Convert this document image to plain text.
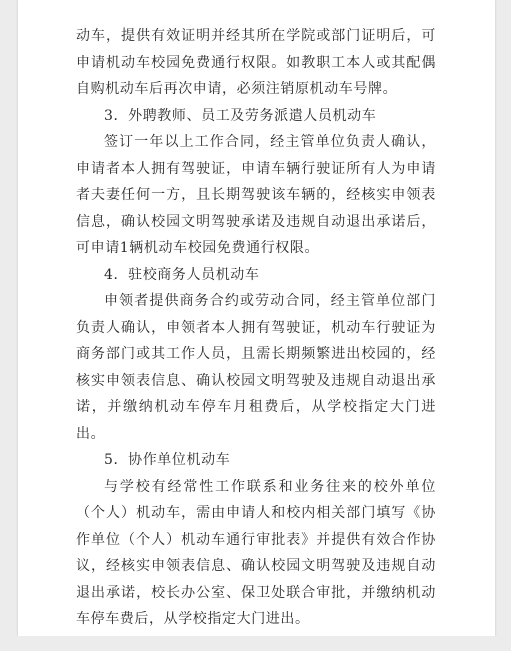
动车，提供有效证明并经其所在学院或部门证明后，可申请机动车校园免费通行权限。如教职工本人或其配偶自购机动车后再次申请，必须注销原机动车号牌。

3．外聘教师、员工及劳务派遣人员机动车

签订一年以上工作合同，经主管单位负责人确认，申请者本人拥有驾驶证，申请车辆行驶证所有人为申请者夫妻任何一方，且长期驾驶该车辆的，经核实申领表信息，确认校园文明驾驶承诺及违规自动退出承诺后，可申请1辆机动车校园免费通行权限。

4．驻校商务人员机动车

申领者提供商务合约或劳动合同，经主管单位部门负责人确认，申领者本人拥有驾驶证，机动车行驶证为商务部门或其工作人员，且需长期频繁进出校园的，经核实申领表信息、确认校园文明驾驶及违规自动退出承诺，并缴纳机动车停车月租费后，从学校指定大门进出。

5．协作单位机动车

与学校有经常性工作联系和业务往来的校外单位（个人）机动车，需由申请人和校内相关部门填写《协作单位（个人）机动车通行审批表》并提供有效合作协议，经核实申领表信息、确认校园文明驾驶及违规自动退出承诺，校长办公室、保卫处联合审批，并缴纳机动车停车费后，从学校指定大门进出。
